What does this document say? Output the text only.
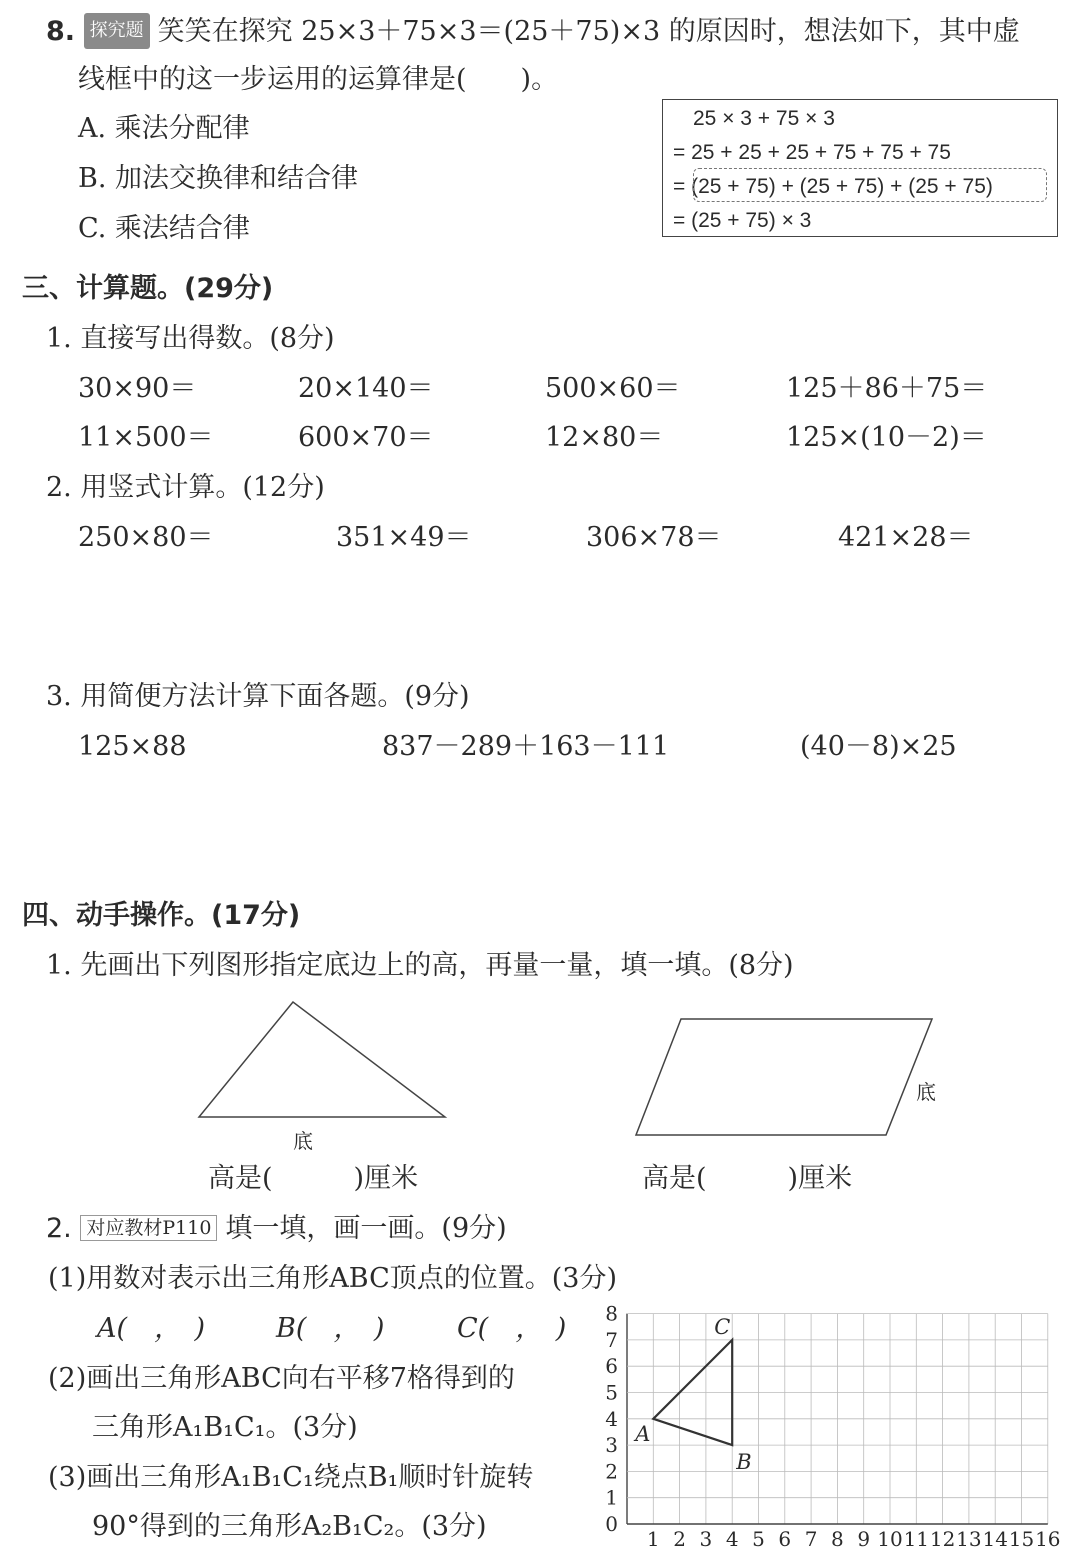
8. 探究题 笑笑在探究 25×3＋75×3＝(25＋75)×3 的原因时，想法如下，其中虚
线框中的这一步运用的运算律是(　　)。
A. 乘法分配律
B. 加法交换律和结合律
C. 乘法结合律
25 × 3 + 75 × 3
= 25 + 25 + 25 + 75 + 75 + 75
= (25 + 75) + (25 + 75) + (25 + 75)
= (25 + 75) × 3
三、计算题。(29分)
1. 直接写出得数。(8分)
30×90＝	20×140＝	500×60＝	125＋86＋75＝
11×500＝	600×70＝	12×80＝	125×(10－2)＝
2. 用竖式计算。(12分)
250×80＝	351×49＝	306×78＝	421×28＝
3. 用简便方法计算下面各题。(9分)
125×88	837－289＋163－111	(40－8)×25
四、动手操作。(17分)
1. 先画出下列图形指定底边上的高，再量一量，填一填。(8分)
底
底
高是(　　　)厘米	高是(　　　)厘米
2. 对应教材P110 填一填，画一画。(9分)
(1)用数对表示出三角形ABC顶点的位置。(3分)
A(　，　)	B(　，　)	C(　，　)
(2)画出三角形ABC向右平移7格得到的
三角形A₁B₁C₁。(3分)
(3)画出三角形A₁B₁C₁绕点B₁顺时针旋转
90°得到的三角形A₂B₁C₂。(3分)	1 2 3 4 5 6 7 8 9 10 11 12 13 14 15 16
0
1
2
3
4
5
6
7
8
A
B
C
